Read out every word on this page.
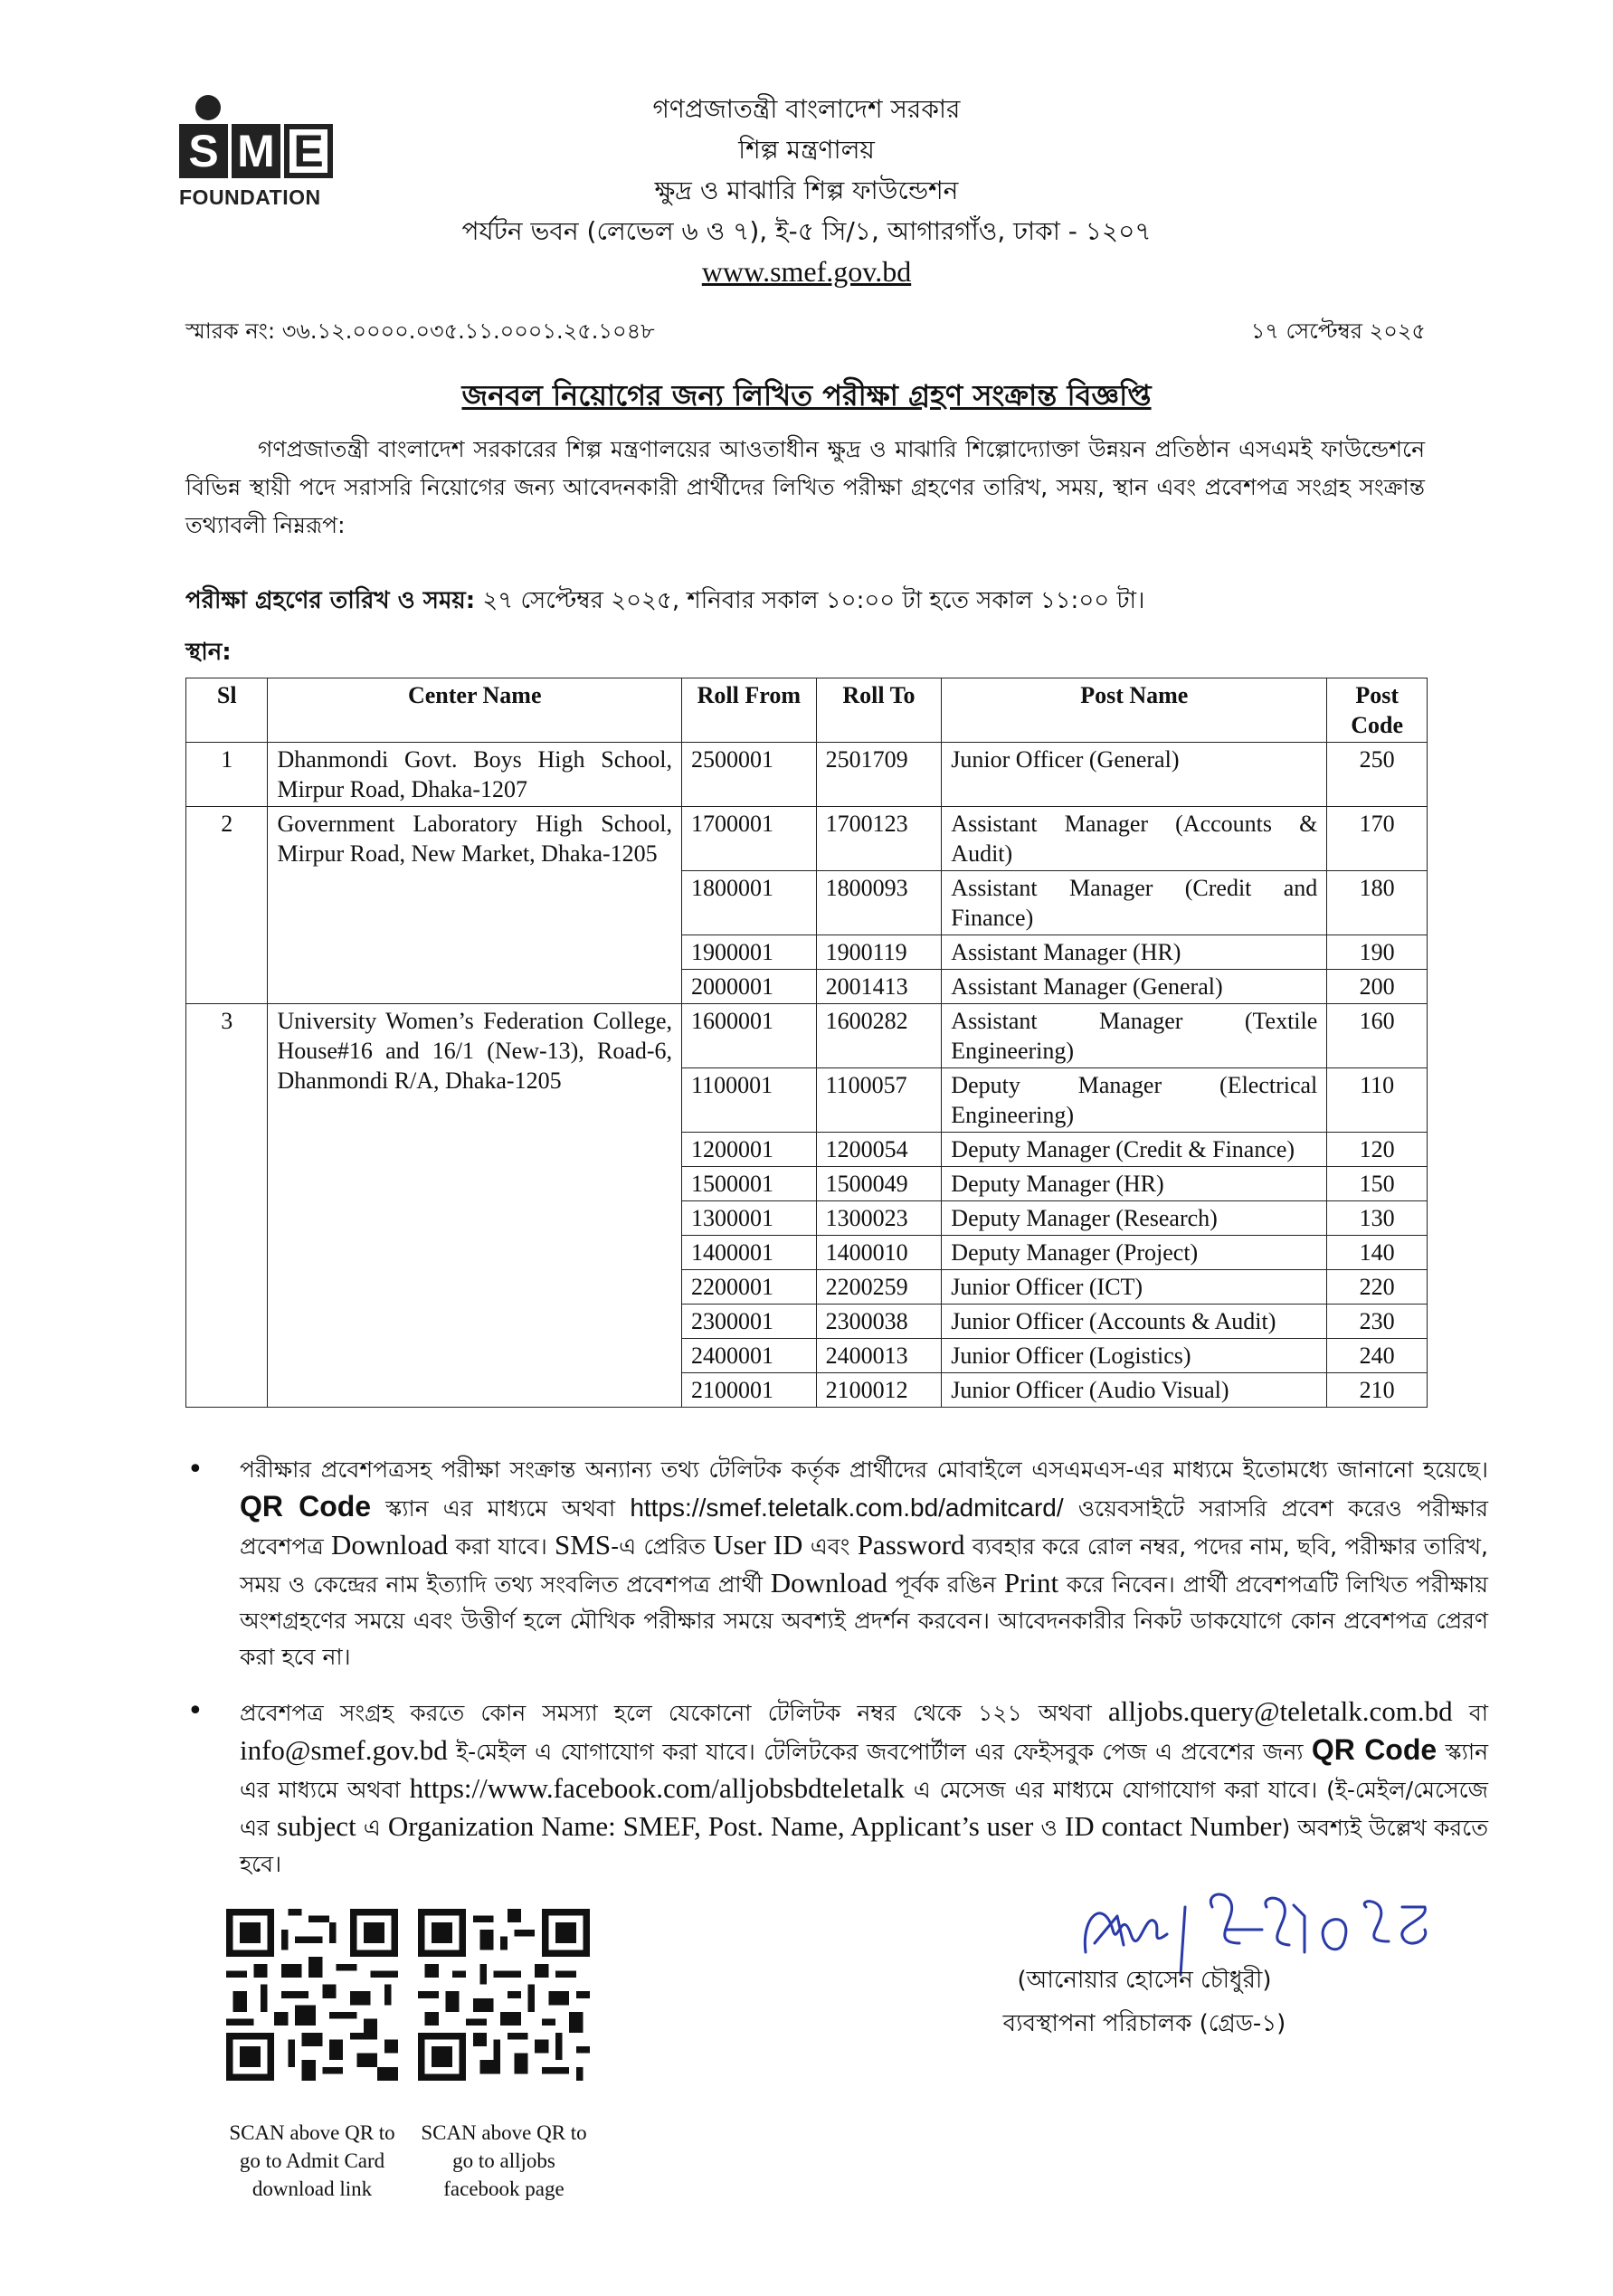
S M E
FOUNDATION
গণপ্রজাতন্ত্রী বাংলাদেশ সরকার
শিল্প মন্ত্রণালয়
ক্ষুদ্র ও মাঝারি শিল্প ফাউন্ডেশন
পর্যটন ভবন (লেভেল ৬ ও ৭), ই-৫ সি/১, আগারগাঁও, ঢাকা - ১২০৭
www.smef.gov.bd
স্মারক নং: ৩৬.১২.০০০০.০৩৫.১১.০০০১.২৫.১০৪৮	১৭ সেপ্টেম্বর ২০২৫
জনবল নিয়োগের জন্য লিখিত পরীক্ষা গ্রহণ সংক্রান্ত বিজ্ঞপ্তি
গণপ্রজাতন্ত্রী বাংলাদেশ সরকারের শিল্প মন্ত্রণালয়ের আওতাধীন ক্ষুদ্র ও মাঝারি শিল্পোদ্যোক্তা উন্নয়ন প্রতিষ্ঠান এসএমই ফাউন্ডেশনে বিভিন্ন স্থায়ী পদে সরাসরি নিয়োগের জন্য আবেদনকারী প্রার্থীদের লিখিত পরীক্ষা গ্রহণের তারিখ, সময়, স্থান এবং প্রবেশপত্র সংগ্রহ সংক্রান্ত তথ্যাবলী নিম্নরূপ:
পরীক্ষা গ্রহণের তারিখ ও সময়: ২৭ সেপ্টেম্বর ২০২৫, শনিবার সকাল ১০:০০ টা হতে সকাল ১১:০০ টা।
স্থান:
Sl	Center Name	Roll From	Roll To	Post Name	Post Code
1	Dhanmondi Govt. Boys High School, Mirpur Road, Dhaka-1207	2500001	2501709	Junior Officer (General)	250
2	Government Laboratory High School, Mirpur Road, New Market, Dhaka-1205	1700001	1700123	Assistant Manager (Accounts & Audit)	170
		1800001	1800093	Assistant Manager (Credit and Finance)	180
		1900001	1900119	Assistant Manager (HR)	190
		2000001	2001413	Assistant Manager (General)	200
3	University Women’s Federation College, House#16 and 16/1 (New-13), Road-6, Dhanmondi R/A, Dhaka-1205	1600001	1600282	Assistant Manager (Textile Engineering)	160
		1100001	1100057	Deputy Manager (Electrical Engineering)	110
		1200001	1200054	Deputy Manager (Credit & Finance)	120
		1500001	1500049	Deputy Manager (HR)	150
		1300001	1300023	Deputy Manager (Research)	130
		1400001	1400010	Deputy Manager (Project)	140
		2200001	2200259	Junior Officer (ICT)	220
		2300001	2300038	Junior Officer (Accounts & Audit)	230
		2400001	2400013	Junior Officer (Logistics)	240
		2100001	2100012	Junior Officer (Audio Visual)	210
• পরীক্ষার প্রবেশপত্রসহ পরীক্ষা সংক্রান্ত অন্যান্য তথ্য টেলিটক কর্তৃক প্রার্থীদের মোবাইলে এসএমএস-এর মাধ্যমে ইতোমধ্যে জানানো হয়েছে। QR Code স্ক্যান এর মাধ্যমে অথবা https://smef.teletalk.com.bd/admitcard/ ওয়েবসাইটে সরাসরি প্রবেশ করেও পরীক্ষার প্রবেশপত্র Download করা যাবে। SMS-এ প্রেরিত User ID এবং Password ব্যবহার করে রোল নম্বর, পদের নাম, ছবি, পরীক্ষার তারিখ, সময় ও কেন্দ্রের নাম ইত্যাদি তথ্য সংবলিত প্রবেশপত্র প্রার্থী Download পূর্বক রঙিন Print করে নিবেন। প্রার্থী প্রবেশপত্রটি লিখিত পরীক্ষায় অংশগ্রহণের সময়ে এবং উত্তীর্ণ হলে মৌখিক পরীক্ষার সময়ে অবশ্যই প্রদর্শন করবেন। আবেদনকারীর নিকট ডাকযোগে কোন প্রবেশপত্র প্রেরণ করা হবে না।
• প্রবেশপত্র সংগ্রহ করতে কোন সমস্যা হলে যেকোনো টেলিটক নম্বর থেকে ১২১ অথবা alljobs.query@teletalk.com.bd বা info@smef.gov.bd ই-মেইল এ যোগাযোগ করা যাবে। টেলিটকের জবপোর্টাল এর ফেইসবুক পেজ এ প্রবেশের জন্য QR Code স্ক্যান এর মাধ্যমে অথবা https://www.facebook.com/alljobsbdteletalk এ মেসেজ এর মাধ্যমে যোগাযোগ করা যাবে। (ই-মেইল/মেসেজে এর subject এ Organization Name: SMEF, Post. Name, Applicant’s user ও ID contact Number) অবশ্যই উল্লেখ করতে হবে।
SCAN above QR to go to Admit Card download link
SCAN above QR to go to alljobs facebook page
(আনোয়ার হোসেন চৌধুরী)
ব্যবস্থাপনা পরিচালক (গ্রেড-১)
